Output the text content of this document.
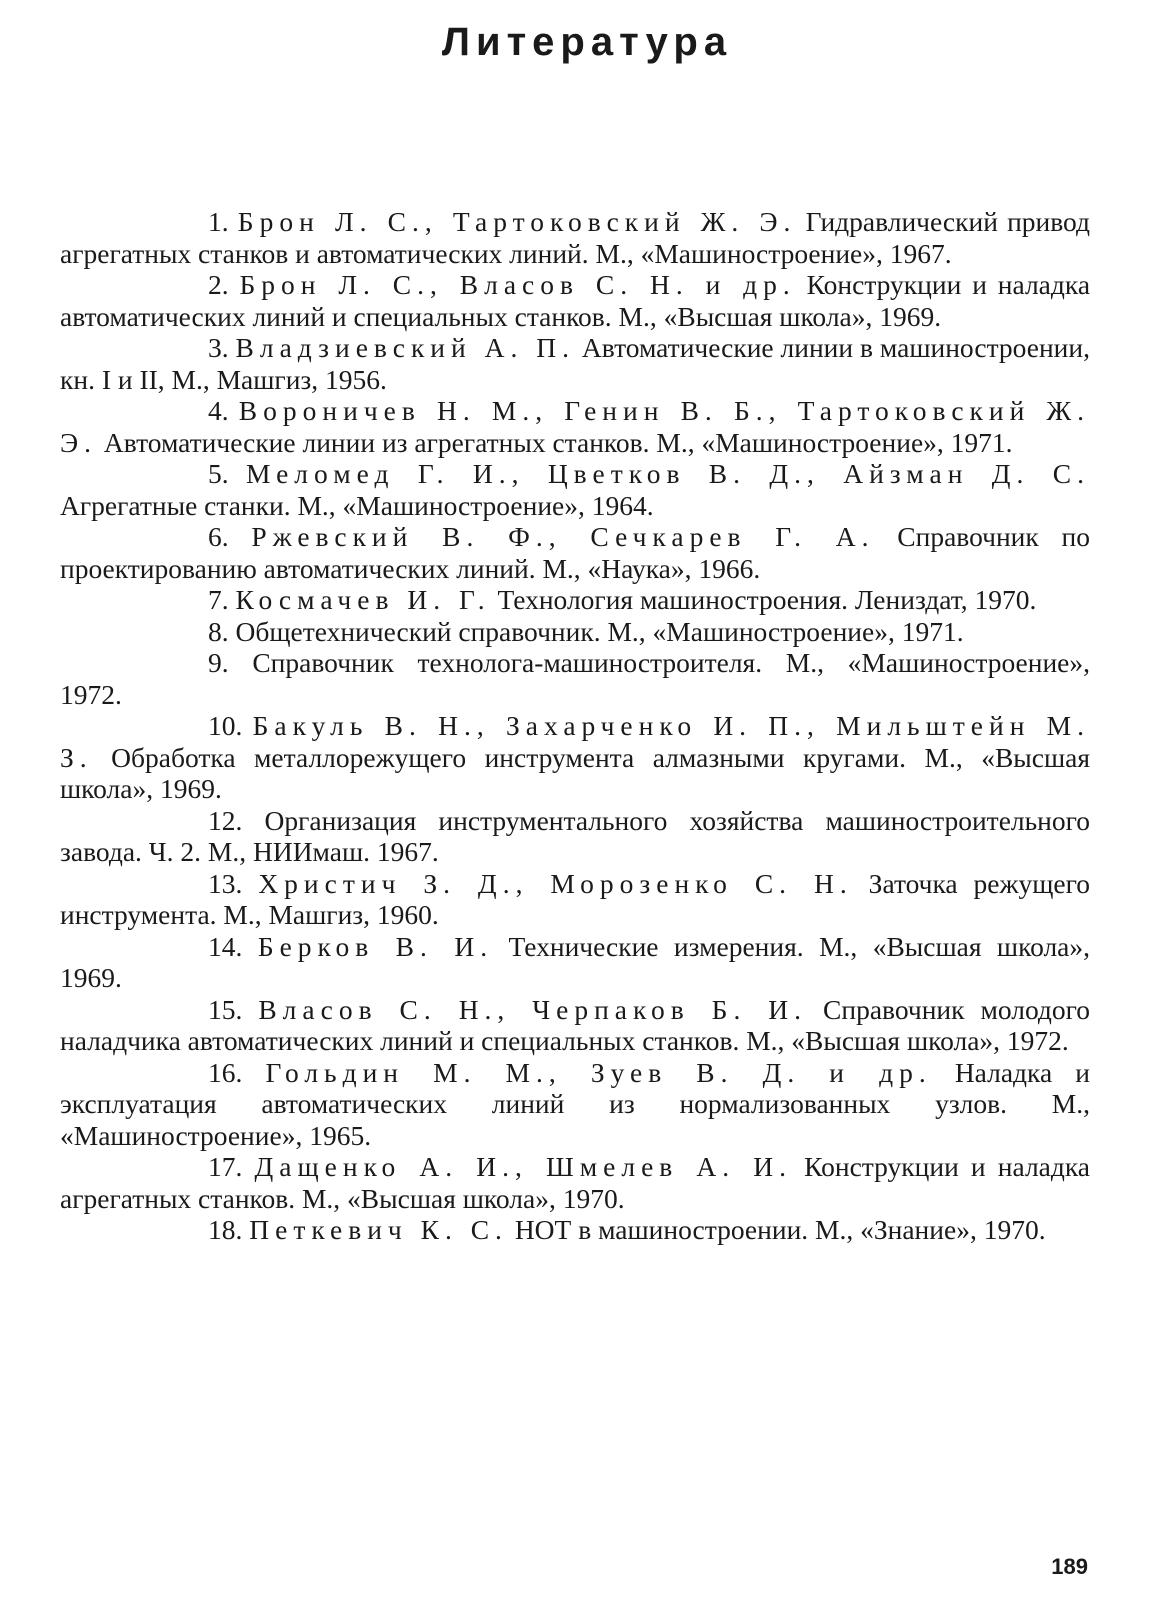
Литература

1. Брон Л. С., Тартоковский Ж. Э. Гидравлический привод агрегатных станков и автоматических линий. М., «Машиностроение», 1967.

2. Брон Л. С., Власов С. Н. и др. Конструкции и наладка автоматических линий и специальных станков. М., «Высшая школа», 1969.

3. Владзиевский А. П. Автоматические линии в машиностроении, кн. I и II, М., Машгиз, 1956.

4. Вороничев Н. М., Генин В. Б., Тартоковский Ж. Э. Автоматические линии из агрегатных станков. М., «Машиностроение», 1971.

5. Меломед Г. И., Цветков В. Д., Айзман Д. С. Агрегатные станки. М., «Машиностроение», 1964.

6. Ржевский В. Ф., Сечкарев Г. А. Справочник по проектированию автоматических линий. М., «Наука», 1966.

7. Космачев И. Г. Технология машиностроения. Лениздат, 1970.

8. Общетехнический справочник. М., «Машиностроение», 1971.

9. Справочник технолога-машиностроителя. М., «Машиностроение», 1972.

10. Бакуль В. Н., Захарченко И. П., Мильштейн М. З. Обработка металлорежущего инструмента алмазными кругами. М., «Высшая школа», 1969.

12. Организация инструментального хозяйства машиностроительного завода. Ч. 2. М., НИИмаш. 1967.

13. Христич З. Д., Морозенко С. Н. Заточка режущего инструмента. М., Машгиз, 1960.

14. Берков В. И. Технические измерения. М., «Высшая школа», 1969.

15. Власов С. Н., Черпаков Б. И. Справочник молодого наладчика автоматических линий и специальных станков. М., «Высшая школа», 1972.

16. Гольдин М. М., Зуев В. Д. и др. Наладка и эксплуатация автоматических линий из нормализованных узлов. М., «Машиностроение», 1965.

17. Дащенко А. И., Шмелев А. И. Конструкции и наладка агрегатных станков. М., «Высшая школа», 1970.

18. Петкевич К. С. НОТ в машиностроении. М., «Знание», 1970.

189
